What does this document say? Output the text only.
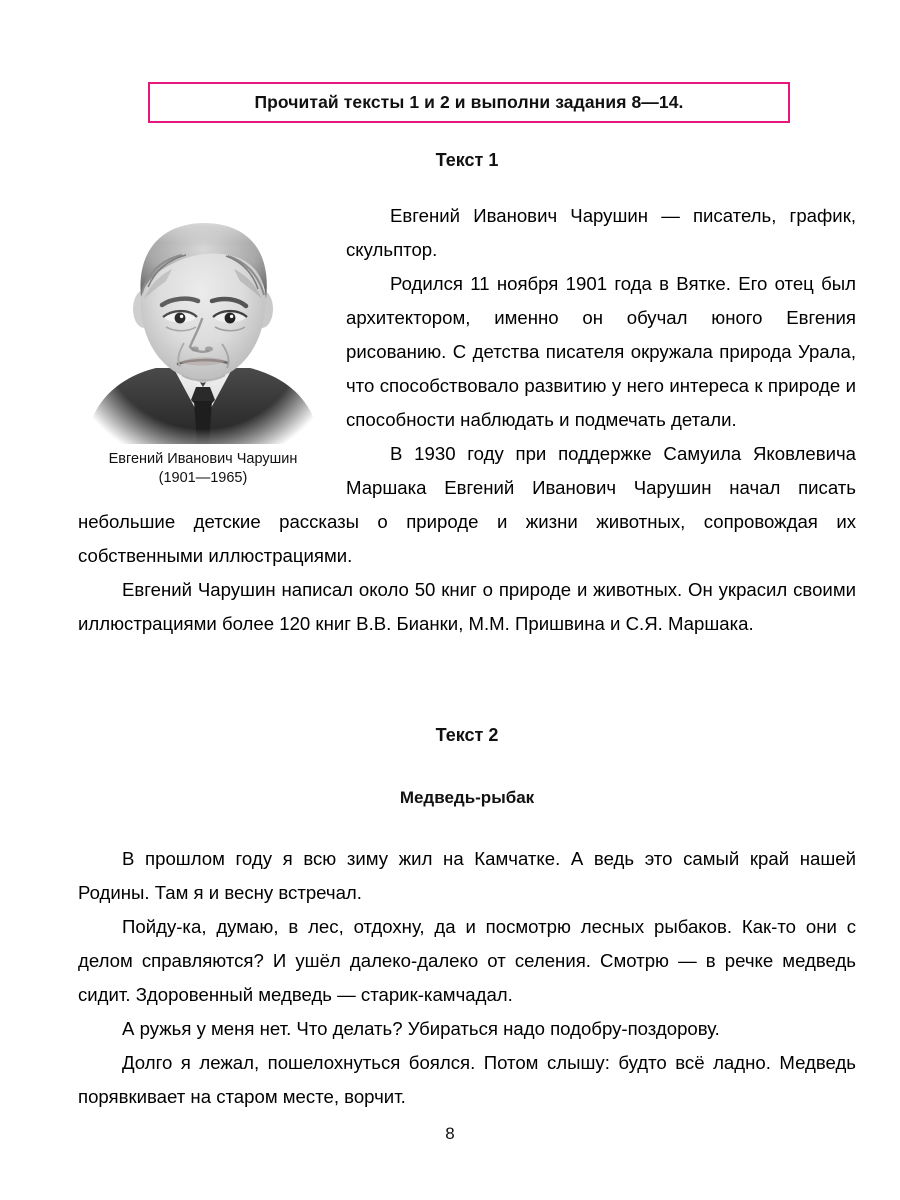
Прочитай тексты 1 и 2 и выполни задания 8—14.
Текст 1
Евгений Иванович Чарушин
(1901—1965)

Евгений Иванович Чарушин — писатель, график, скульптор.

Родился 11 ноября 1901 года в Вятке. Его отец был архитектором, именно он обучал юного Евгения рисованию. С детства писателя окружала природа Урала, что способствовало развитию у него интереса к природе и способности наблюдать и подмечать детали.

В 1930 году при поддержке Самуила Яковлевича Маршака Евгений Иванович Чарушин начал писать небольшие детские рассказы о природе и жизни животных, сопровождая их собственными иллюстрациями.

Евгений Чарушин написал около 50 книг о природе и животных. Он украсил своими иллюстрациями более 120 книг В.В. Бианки, М.М. Пришвина и С.Я. Маршака.

Текст 2
Медведь-рыбак

В прошлом году я всю зиму жил на Камчатке. А ведь это самый край нашей Родины. Там я и весну встречал.

Пойду-ка, думаю, в лес, отдохну, да и посмотрю лесных рыбаков. Как-то они с делом справляются? И ушёл далеко-далеко от селения. Смотрю — в речке медведь сидит. Здоровенный медведь — старик-камчадал.

А ружья у меня нет. Что делать? Убираться надо подобру-поздорову.

Долго я лежал, пошелохнуться боялся. Потом слышу: будто всё ладно. Медведь порявкивает на старом месте, ворчит.

8
